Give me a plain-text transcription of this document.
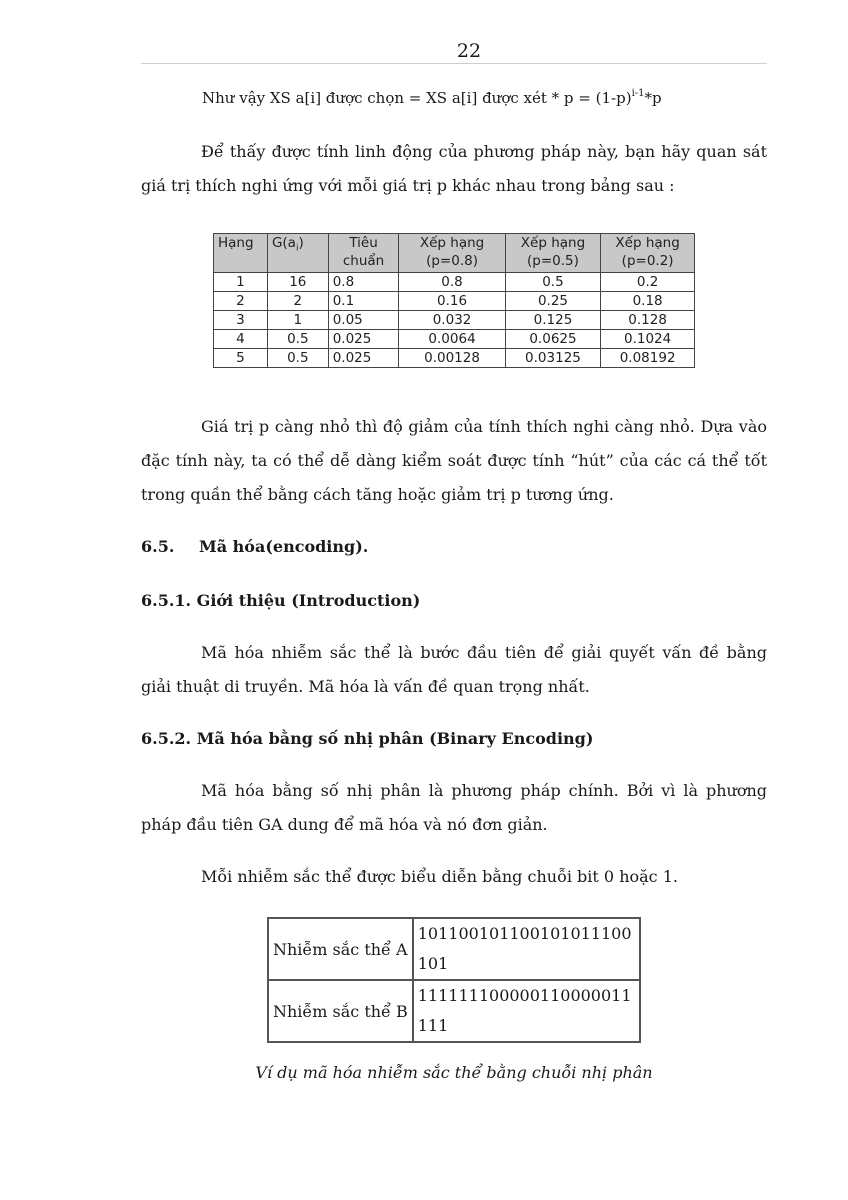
22
Như vậy XS a[i] được chọn = XS a[i] được xét * $p = (1-p)^{i-1}*p$
Để thấy được tính linh động của phương pháp này, bạn hãy quan sát giá trị thích nghi ứng với mỗi giá trị p khác nhau trong bảng sau :
Hạng	$G(a_i)$	Tiêu chuẩn	Xếp hạng (p=0.8)	Xếp hạng (p=0.5)	Xếp hạng (p=0.2)
1	16	0.8	0.8	0.5	0.2
2	2	0.1	0.16	0.25	0.18
3	1	0.05	0.032	0.125	0.128
4	0.5	0.025	0.0064	0.0625	0.1024
5	0.5	0.025	0.00128	0.03125	0.08192
Giá trị p càng nhỏ thì độ giảm của tính thích nghi càng nhỏ. Dựa vào đặc tính này, ta có thể dễ dàng kiểm soát được tính “hút” của các cá thể tốt trong quần thể bằng cách tăng hoặc giảm trị p tương ứng.
6.5. Mã hóa(encoding).
6.5.1. Giới thiệu (Introduction)
Mã hóa nhiễm sắc thể là bước đầu tiên để giải quyết vấn đề bằng giải thuật di truyền. Mã hóa là vấn đề quan trọng nhất.
6.5.2. Mã hóa bằng số nhị phân (Binary Encoding)
Mã hóa bằng số nhị phân là phương pháp chính. Bởi vì là phương pháp đầu tiên GA dung để mã hóa và nó đơn giản.
Mỗi nhiễm sắc thể được biểu diễn bằng chuỗi bit 0 hoặc 1.
Nhiễm sắc thể A	101100101100101011100101
Nhiễm sắc thể B	111111100000110000011111
Ví dụ mã hóa nhiễm sắc thể bằng chuỗi nhị phân
